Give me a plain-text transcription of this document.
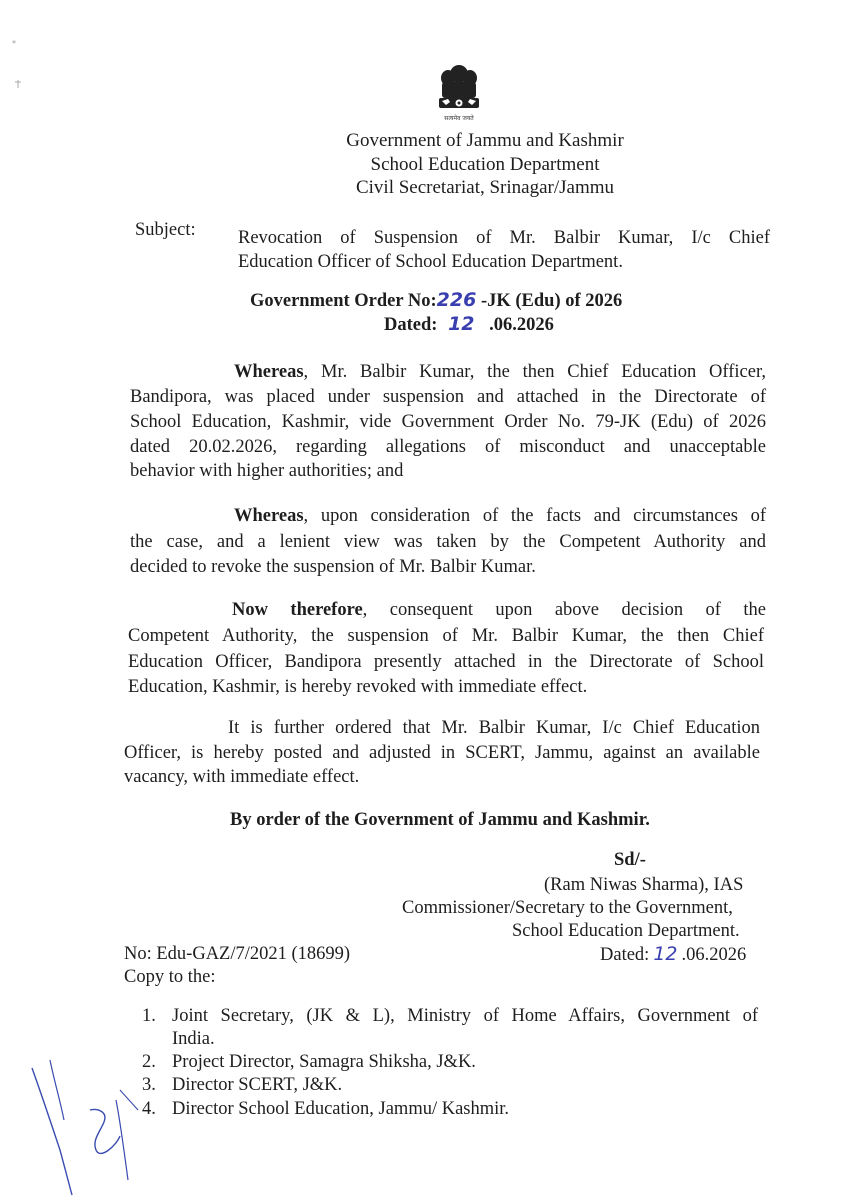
*
सत्यमेव जयते
Government of Jammu and Kashmir
School Education Department
Civil Secretariat, Srinagar/Jammu
Subject: Revocation of Suspension of Mr. Balbir Kumar, I/c Chief
Education Officer of School Education Department.
Government Order No:226 -JK (Edu) of 2026
Dated: 12 .06.2026
Whereas, Mr. Balbir Kumar, the then Chief Education Officer,
Bandipora, was placed under suspension and attached in the Directorate of
School Education, Kashmir, vide Government Order No. 79-JK (Edu) of 2026
dated 20.02.2026, regarding allegations of misconduct and unacceptable
behavior with higher authorities; and
Whereas, upon consideration of the facts and circumstances of
the case, and a lenient view was taken by the Competent Authority and
decided to revoke the suspension of Mr. Balbir Kumar.
Now therefore, consequent upon above decision of the
Competent Authority, the suspension of Mr. Balbir Kumar, the then Chief
Education Officer, Bandipora presently attached in the Directorate of School
Education, Kashmir, is hereby revoked with immediate effect.
It is further ordered that Mr. Balbir Kumar, I/c Chief Education
Officer, is hereby posted and adjusted in SCERT, Jammu, against an available
vacancy, with immediate effect.
By order of the Government of Jammu and Kashmir.
Sd/-
(Ram Niwas Sharma), IAS
Commissioner/Secretary to the Government,
School Education Department.
Dated: 12 .06.2026
No: Edu-GAZ/7/2021 (18699)
Copy to the:
1. Joint Secretary, (JK & L), Ministry of Home Affairs, Government of
India.
2. Project Director, Samagra Shiksha, J&K.
3. Director SCERT, J&K.
4. Director School Education, Jammu/ Kashmir.
